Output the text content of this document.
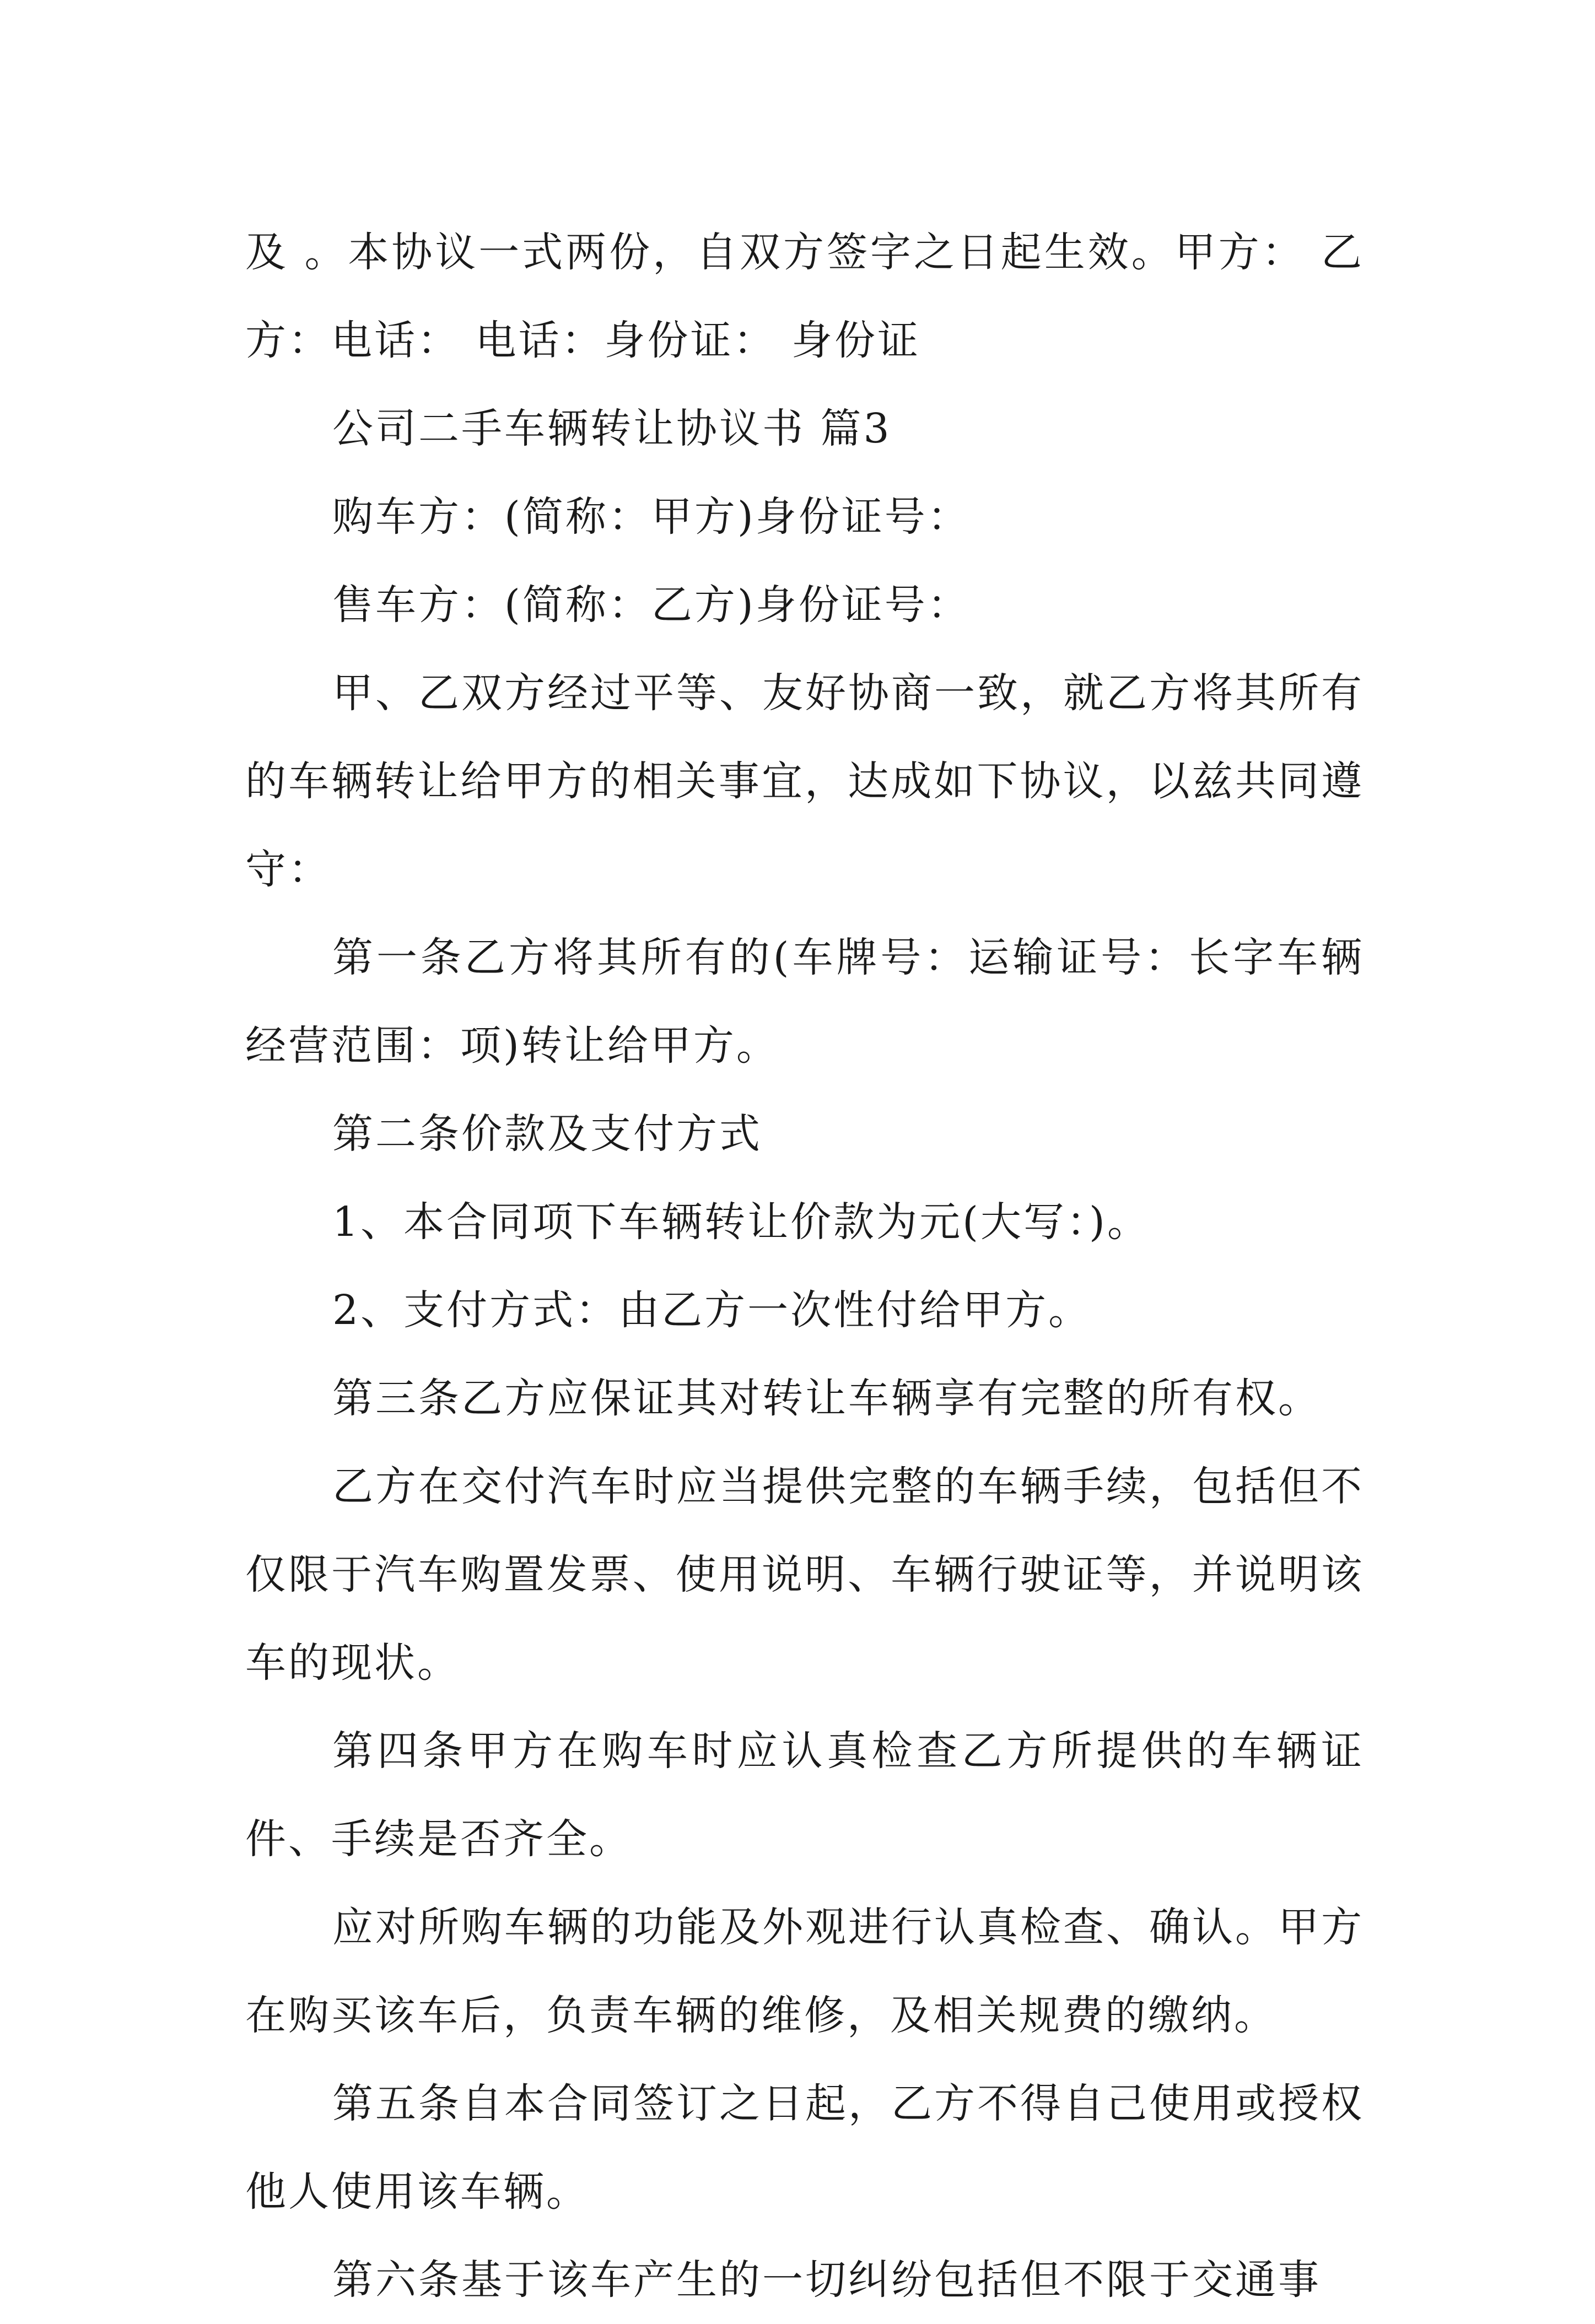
及 。本协议一式两份，自双方签字之日起生效。甲方： 乙方：电话： 电话：身份证： 身份证

公司二手车辆转让协议书 篇3

购车方：(简称：甲方)身份证号：

售车方：(简称：乙方)身份证号：

甲、乙双方经过平等、友好协商一致，就乙方将其所有的车辆转让给甲方的相关事宜，达成如下协议，以兹共同遵守：

第一条乙方将其所有的(车牌号：运输证号：长字车辆经营范围：项)转让给甲方。

第二条价款及支付方式

1、本合同项下车辆转让价款为元(大写：)。

2、支付方式：由乙方一次性付给甲方。

第三条乙方应保证其对转让车辆享有完整的所有权。

乙方在交付汽车时应当提供完整的车辆手续，包括但不仅限于汽车购置发票、使用说明、车辆行驶证等，并说明该车的现状。

第四条甲方在购车时应认真检查乙方所提供的车辆证件、手续是否齐全。

应对所购车辆的功能及外观进行认真检查、确认。甲方在购买该车后，负责车辆的维修，及相关规费的缴纳。

第五条自本合同签订之日起，乙方不得自己使用或授权他人使用该车辆。

第六条基于该车产生的一切纠纷包括但不限于交通事
